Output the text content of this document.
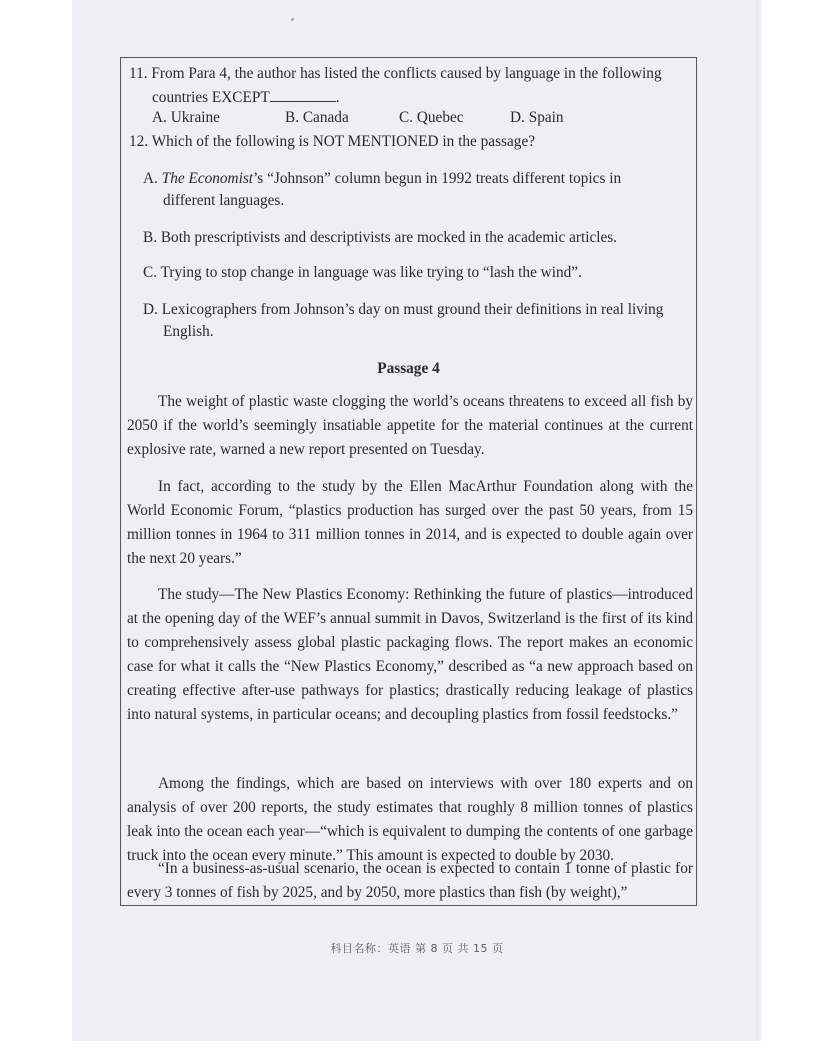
11. From Para 4, the author has listed the conflicts caused by language in the following
countries EXCEPT	.
A. Ukraine	B. Canada	C. Quebec	D. Spain
12. Which of the following is NOT MENTIONED in the passage?
A. The Economist’s “Johnson” column begun in 1992 treats different topics in
different languages.
B. Both prescriptivists and descriptivists are mocked in the academic articles.
C. Trying to stop change in language was like trying to “lash the wind”.
D. Lexicographers from Johnson’s day on must ground their definitions in real living
English.
Passage 4

The weight of plastic waste clogging the world’s oceans threatens to exceed all fish by 2050 if the world’s seemingly insatiable appetite for the material continues at the current explosive rate, warned a new report presented on Tuesday.

In fact, according to the study by the Ellen MacArthur Foundation along with the World Economic Forum, “plastics production has surged over the past 50 years, from 15 million tonnes in 1964 to 311 million tonnes in 2014, and is expected to double again over the next 20 years.”

The study—The New Plastics Economy: Rethinking the future of plastics—introduced at the opening day of the WEF’s annual summit in Davos, Switzerland is the first of its kind to comprehensively assess global plastic packaging flows. The report makes an economic case for what it calls the “New Plastics Economy,” described as “a new approach based on creating effective after-use pathways for plastics; drastically reducing leakage of plastics into natural systems, in particular oceans; and decoupling plastics from fossil feedstocks.”

Among the findings, which are based on interviews with over 180 experts and on analysis of over 200 reports, the study estimates that roughly 8 million tonnes of plastics leak into the ocean each year—“which is equivalent to dumping the contents of one garbage truck into the ocean every minute.” This amount is expected to double by 2030.

“In a business-as-usual scenario, the ocean is expected to contain 1 tonne of plastic for every 3 tonnes of fish by 2025, and by 2050, more plastics than fish (by weight),”

科目名称：英语 第 8 页 共 15 页
